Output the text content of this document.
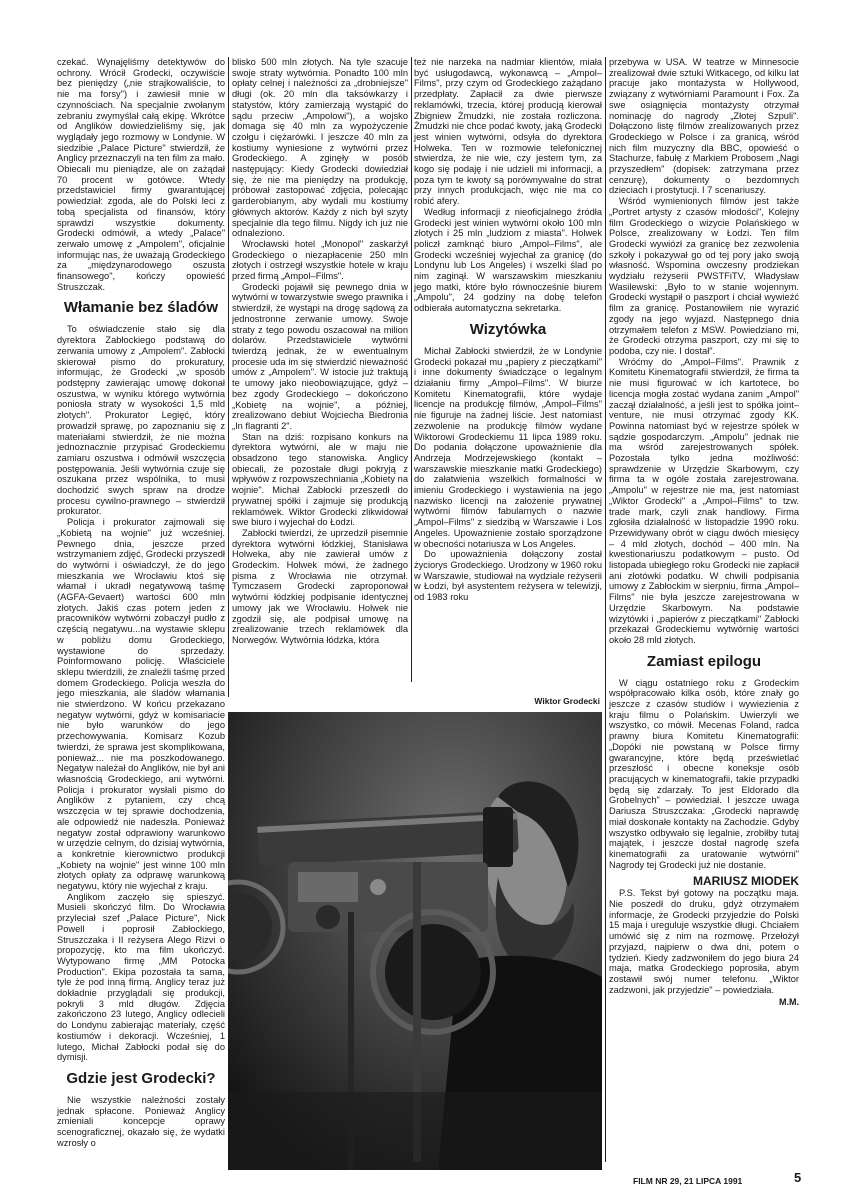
czekać. Wynajęliśmy detektywów do ochrony. Wrócił Grodecki, oczywiście bez pieniędzy („nie strajkowaliście, to nie ma forsy") i zawiesił mnie w czynnościach. Na specjalnie zwołanym zebraniu zwymyślał całą ekipę. Wkrótce od Anglików dowiedzieliśmy się, jak wyglądały jego rozmowy w Londynie. W siedzibie „Palace Picture" stwierdził, że Anglicy przeznaczyli na ten film za mało. Obiecali mu pieniądze, ale on zażądał 70 procent w gotówce. Wtedy przedstawiciel firmy gwarantującej powiedział: zgoda, ale do Polski leci z tobą specjalista od finansów, który sprawdzi wszystkie dokumenty. Grodecki odmówił, a wtedy „Palace" zerwało umowę z „Ampolem", oficjalnie informując nas, że uważają Grodeckiego za „międzynarodowego oszusta finansowego", kończy opowieść Struszczak.

Włamanie bez śladów

To oświadczenie stało się dla dyrektora Zabłockiego podstawą do zerwania umowy z „Ampolem". Zabłocki skierował pismo do prokuratury, informując, że Grodecki „w sposób podstępny zawierając umowę dokonał oszustwa, w wyniku którego wytwórnia poniosła straty w wysokości 1,5 mld złotych". Prokurator Legięć, który prowadził sprawę, po zapoznaniu się z materiałami stwierdził, że nie można jednoznacznie przypisać Grodeckiemu zamiaru oszustwa i odmówił wszczęcia postępowania. Jeśli wytwórnia czuje się oszukana przez wspólnika, to musi dochodzić swych spraw na drodze procesu cywilno-prawnego – stwierdził prokurator.

Policja i prokurator zajmowali się „Kobietą na wojnie" już wcześniej. Pewnego dnia, jeszcze przed wstrzymaniem zdjęć, Grodecki przyszedł do wytwórni i oświadczył, że do jego mieszkania we Wrocławiu ktoś się włamał i ukradł negatywową taśmę (AGFA-Gevaert) wartości 600 mln złotych. Jakiś czas potem jeden z pracowników wytwórni zobaczył pudło z częścią negatywu...na wystawie sklepu w pobliżu domu Grodeckiego, wystawione do sprzedaży. Poinformowano policję. Właściciele sklepu twierdzili, że znaleźli taśmę przed domem Grodeckiego. Policja weszła do jego mieszkania, ale śladów włamania nie stwierdzono. W końcu przekazano negatyw wytwórni, gdyż w komisariacie nie było warunków do jego przechowywania. Komisarz Kozub twierdzi, że sprawa jest skomplikowana, ponieważ... nie ma poszkodowanego. Negatyw należał do Anglików, nie był ani własnością Grodeckiego, ani wytwórni. Policja i prokurator wysłali pismo do Anglików z pytaniem, czy chcą wszczęcia w tej sprawie dochodzenia, ale odpowiedź nie nadeszła. Ponieważ negatyw został odprawiony warunkowo w urzędzie celnym, do dzisiaj wytwórnia, a konkretnie kierownictwo produkcji „Kobiety na wojnie" jest winne 100 mln złotych opłaty za odprawę warunkową negatywu, który nie wyjechał z kraju.

Anglikom zaczęło się spieszyć. Musieli skończyć film. Do Wrocławia przyleciał szef „Palace Picture", Nick Powell i poprosił Zabłockiego, Struszczaka i II reżysera Alego Rizvi o propozycję, kto ma film ukończyć. Wytypowano firmę „MM Potocka Production". Ekipa pozostała ta sama, tyle że pod inną firmą. Anglicy teraz już dokładnie przyglądali się produkcji, pokryli 3 mld długów. Zdjęcia zakończono 23 lutego, Anglicy odlecieli do Londynu zabierając materiały, część kostiumów i dekoracji. Wcześniej, 1 lutego, Michał Zabłocki podał się do dymisji.

Gdzie jest Grodecki?

Nie wszystkie należności zostały jednak spłacone. Ponieważ Anglicy zmieniali koncepcje oprawy scenograficznej, okazało się, że wydatki wzrosły o

blisko 500 mln złotych. Na tyle szacuje swoje straty wytwórnia. Ponadto 100 mln opłaty celnej i należności za „drobniejsze" długi (ok. 20 mln dla taksówkarzy i statystów, który zamierzają wystąpić do sądu przeciw „Ampolowi"), a wojsko domaga się 40 mln za wypożyczenie czołgu i ciężarówki. I jeszcze 40 mln za kostiumy wyniesione z wytwórni przez Grodeckiego. A zginęły w posób następujący: Kiedy Grodecki dowiedział się, że nie ma pieniędzy na produkcję, próbował zastopować zdjęcia, polecając garderobianym, aby wydali mu kostiumy głównych aktorów. Każdy z nich był szyty specjalnie dla tego filmu. Nigdy ich już nie odnaleziono.

Wrocławski hotel „Monopol" zaskarżył Grodeckiego o niezapłacenie 250 mln złotych i ostrzegł wszystkie hotele w kraju przed firmą „Ampol–Films".

Grodecki pojawił się pewnego dnia w wytwórni w towarzystwie swego prawnika i stwierdził, że wystąpi na drogę sądową za jednostronne zerwanie umowy. Swoje straty z tego powodu oszacował na milion dolarów. Przedstawiciele wytwórni twierdzą jednak, że w ewentualnym procesie uda im się stwierdzić nieważność umów z „Ampolem". W istocie już traktują te umowy jako nieobowiązujące, gdyż – bez zgody Grodeckiego – dokończono „Kobietę na wojnie", a później, zrealizowano debiut Wojciecha Biedronia „In flagranti 2".

Stan na dziś: rozpisano konkurs na dyrektora wytwórni, ale w maju nie obsadzono tego stanowiska. Anglicy obiecali, że pozostałe długi pokryją z wpływów z rozpowszechniania „Kobiety na wojnie". Michał Zabłocki przeszedł do prywatnej spółki i zajmuje się produkcją reklamówek. Wiktor Grodecki zlikwidował swe biuro i wyjechał do Łodzi.

Zabłocki twierdzi, że uprzedził pisemnie dyrektora wytwórni łódzkiej, Stanisława Holweka, aby nie zawierał umów z Grodeckim. Holwek mówi, że żadnego pisma z Wrocławia nie otrzymał. Tymczasem Grodecki zaproponował wytwórni łódzkiej podpisanie identycznej umowy jak we Wrocławiu. Holwek nie zgodził się, ale podpisał umowę na zrealizowanie trzech reklamówek dla Norwegów. Wytwórnia łódzka, która

też nie narzeka na nadmiar klientów, miała być usługodawcą, wykonawcą – „Ampol–Films", przy czym od Grodeckiego zażądano przedpłaty. Zapłacił za dwie pierwsze reklamówki, trzecia, której producją kierował Zbigniew Żmudzki, nie została rozliczona. Żmudzki nie chce podać kwoty, jaką Grodecki jest winien wytwórni, odsyła do dyrektora Holweka. Ten w rozmowie telefonicznej stwierdza, że nie wie, czy jestem tym, za kogo się podaję i nie udzieli mi informacji, a poza tym te kwoty są porównywalne do strat przy innych produkcjach, więc nie ma co robić afery.

Według informacji z nieoficjalnego źródła Grodecki jest winien wytwórni około 100 mln złotych i 25 mln „ludziom z miasta". Holwek policzł zamknąć biuro „Ampol–Films", ale Grodecki wcześniej wyjechał za granicę (do Londynu lub Los Angeles) i wszelki ślad po nim zaginął. W warszawskim mieszkaniu jego matki, które było równocześnie biurem „Ampolu", 24 godziny na dobę telefon odbierała automatyczna sekretarka.

Wizytówka

Michał Zabłocki stwierdził, że w Londynie Grodecki pokazał mu „papiery z pieczątkami" i inne dokumenty świadczące o legalnym działaniu firmy „Ampol–Films". W biurze Komitetu Kinematografii, które wydaje licencje na produkcję filmów, „Ampol–Films" nie figuruje na żadnej liście. Jest natomiast zezwolenie na produkcję filmów wydane Wiktorowi Grodeckiemu 11 lipca 1989 roku. Do podania dołączone upoważnienie dla Andrzeja Modrzejewskiego (kontakt – warszawskie mieszkanie matki Grodeckiego) do załatwienia wszelkich formalności w imieniu Grodeckiego i wystawienia na jego nazwisko licencji na założenie prywatnej wytwórni filmów fabularnych o nazwie „Ampol–Films" z siedzibą w Warszawie i Los Angeles. Upoważnienie zostało sporządzone w obecności notariusza w Los Angeles.

Do upoważnienia dołączony został życiorys Grodeckiego. Urodzony w 1960 roku w Warszawie, studiował na wydziale reżyserii w Łodzi, był asystentem reżysera w telewizji, od 1983 roku

przebywa w USA. W teatrze w Minnesocie zrealizował dwie sztuki Witkacego, od kilku lat pracuje jako montażysta w Hollywood, związany z wytwórniami Paramount i Fox. Za swe osiągnięcia montażysty otrzymał nominację do nagrody „Złotej Szpuli". Dołączono listę filmów zrealizowanych przez Grodeckiego w Polsce i za granicą, wśród nich film muzyczny dla BBC, opowieść o Stachurze, fabułę z Markiem Probosem „Nagi przyszedłem" (dopisek: zatrzymana przez cenzurę), dokumenty o bezdomnych dzieciach i prostytucji. I 7 scenariuszy.

Wśród wymienionych filmów jest także „Portret artysty z czasów młodości", Kolejny film Grodeckiego o wizycie Polańskiego w Polsce, zrealizowany w Łodzi. Ten film Grodecki wywiózł za granicę bez zezwolenia szkoły i pokazywał go od tej pory jako swoją własność. Wspomina owczesny prodziekan wydziału reżyserii PWSTFiTV, Władysław Wasilewski: „Było to w stanie wojennym. Grodecki wystąpił o paszport i chciał wywieźć film za granicę. Postanowiłem nie wyrazić zgody na jego wyjazd. Następnego dnia otrzymałem telefon z MSW. Powiedziano mi, że Grodecki otrzyma paszport, czy mi się to podoba, czy nie. I dostał".

Wróćmy do „Ampol–Films". Prawnik z Komitetu Kinematografii stwierdził, że firma ta nie musi figurować w ich kartotece, bo licencja mogła zostać wydana zanim „Ampol" zaczął działalność, a jeśli jest to spółka joint–venture, nie musi otrzymać zgody KK. Powinna natomiast być w rejestrze spółek w sądzie gospodarczym. „Ampolu" jednak nie ma wśród zarejestrowanych spółek. Pozostała tylko jedna możliwość: sprawdzenie w Urzędzie Skarbowym, czy firma ta w ogóle została zarejestrowana. „Ampolu" w rejestrze nie ma, jest natomiast „Wiktor Grodecki" a „Ampol–Films" to tzw. trade mark, czyli znak handlowy. Firma zgłosiła działalność w listopadzie 1990 roku. Przewidywany obrót w ciągu dwóch miesięcy – 4 mld złotych, dochód – 400 mln. Na kwestionariuszu podatkowym – pusto. Od listopada ubiegłego roku Grodecki nie zapłacił ani złotówki podatku. W chwili podpisania umowy z Zabłockim w sierpniu, firma „Ampol–Films" nie była jeszcze zarejestrowana w Urzędzie Skarbowym. Na podstawie wizytówki i „papierów z pieczątkami" Zabłocki przekazał Grodeckiemu wytwórnię wartości około 28 mld złotych.

Zamiast epilogu

W ciągu ostatniego roku z Grodeckim współpracowało kilka osób, które znały go jeszcze z czasów studiów i wywiezienia z kraju filmu o Polańskim. Uwierzyli we wszystko, co mówił. Mecenas Foland, radca prawny biura Komitetu Kinematografii: „Dopóki nie powstaną w Polsce firmy gwarancyjne, które będą prześwietlać przeszłość i obecne koneksje osób pracujących w kinematografii, takie przypadki będą się zdarzały. To jest Eldorado dla Grobelnych" – powiedział. I jeszcze uwaga Dariusza Struszczaka: „Grodecki naprawdę miał doskonałe kontakty na Zachodzie. Gdyby wszystko odbywało się legalnie, zrobiłby tutaj majątek, i jeszcze dostał nagrodę szefa kinematografii za uratowanie wytwórni" Nagrody tej Grodecki już nie dostanie.

MARIUSZ MIODEK

P.S. Tekst był gotowy na początku maja. Nie poszedł do druku, gdyż otrzymałem informacje, że Grodecki przyjedzie do Polski 15 maja i ureguluje wszystkie długi. Chciałem umówić się z nim na rozmowę. Przełożył przyjazd, najpierw o dwa dni, potem o tydzień. Kiedy zadzwoniłem do jego biura 24 maja, matka Grodeckiego poprosiła, abym zostawił swój numer telefonu. „Wiktor zadzwoni, jak przyjedzie" – powiedziała.

M.M.
Wiktor Grodecki
FILM NR 29, 21 LIPCA 1991	5
